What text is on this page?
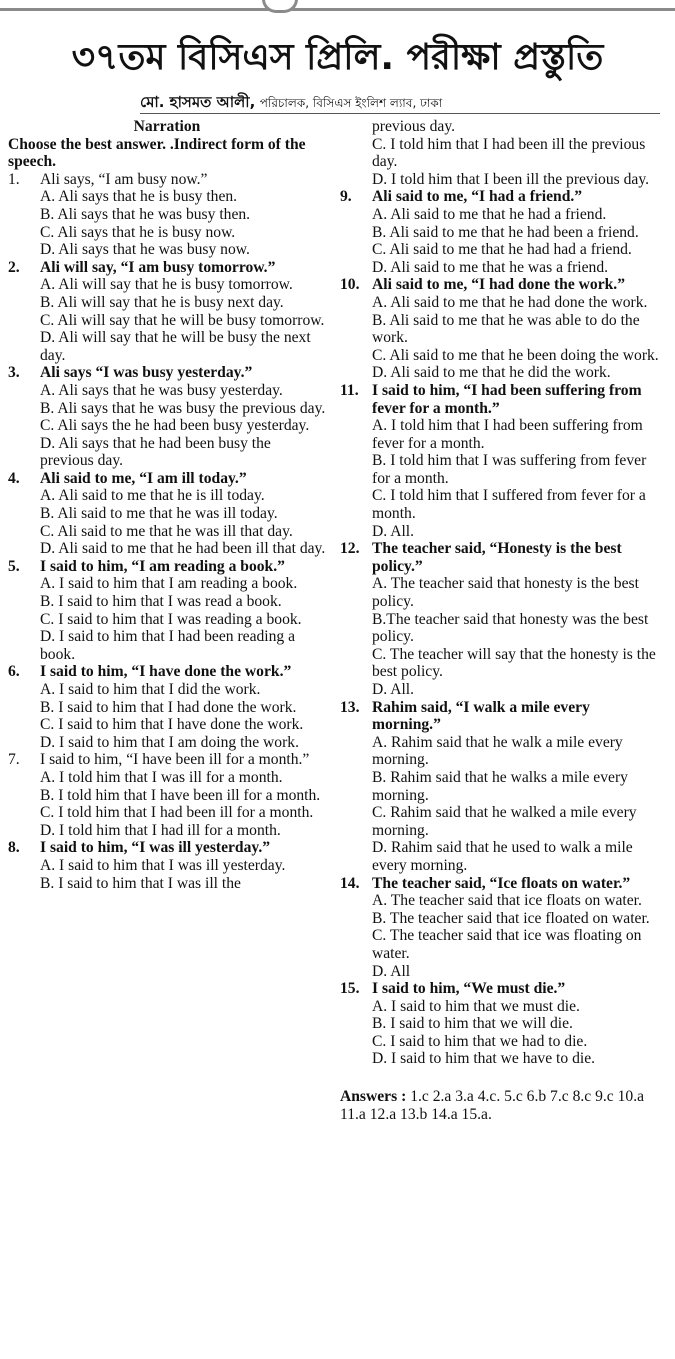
৩৭তম বিসিএস প্রিলি. পরীক্ষা প্রস্তুতি
মো. হাসমত আলী, পরিচালক, বিসিএস ইংলিশ ল্যাব, ঢাকা
Narration
Choose the best answer. .Indirect form of the speech.
1. Ali says, “I am busy now.”
A. Ali says that he is busy then.
B. Ali says that he was busy then.
C. Ali says that he is busy now.
D. Ali says that he was busy now.
2. Ali will say, “I am busy tomorrow.”
A. Ali will say that he is busy tomorrow.
B. Ali will say that he is busy next day.
C. Ali will say that he will be busy tomorrow.
D. Ali will say that he will be busy the next day.
3. Ali says “I was busy yesterday.”
A. Ali says that he was busy yesterday.
B. Ali says that he was busy the previous day.
C. Ali says the he had been busy yesterday.
D. Ali says that he had been busy the previous day.
4. Ali said to me, “I am ill today.”
A. Ali said to me that he is ill today.
B. Ali said to me that he was ill today.
C. Ali said to me that he was ill that day.
D. Ali said to me that he had been ill that day.
5. I said to him, “I am reading a book.”
A. I said to him that I am reading a book.
B. I said to him that I was read a book.
C. I said to him that I was reading a book.
D. I said to him that I had been reading a book.
6. I said to him, “I have done the work.”
A. I said to him that I did the work.
B. I said to him that I had done the work.
C. I said to him that I have done the work.
D. I said to him that I am doing the work.
7. I said to him, “I have been ill for a month.”
A. I told him that I was ill for a month.
B. I told him that I have been ill for a month.
C. I told him that I had been ill for a month.
D. I told him that I had ill for a month.
8. I said to him, “I was ill yesterday.”
A. I said to him that I was ill yesterday.
B. I said to him that I was ill the
previous day.
C. I told him that I had been ill the previous day.
D. I told him that I been ill the previous day.
9. Ali said to me, “I had a friend.”
A. Ali said to me that he had a friend.
B. Ali said to me that he had been a friend.
C. Ali said to me that he had had a friend.
D. Ali said to me that he was a friend.
10. Ali said to me, “I had done the work.”
A. Ali said to me that he had done the work.
B. Ali said to me that he was able to do the work.
C. Ali said to me that he been doing the work.
D. Ali said to me that he did the work.
11. I said to him, “I had been suffering from fever for a month.”
A. I told him that I had been suffering from fever for a month.
B. I told him that I was suffering from fever for a month.
C. I told him that I suffered from fever for a month.
D. All.
12. The teacher said, “Honesty is the best policy.”
A. The teacher said that honesty is the best policy.
B.The teacher said that honesty was the best policy.
C. The teacher will say that the honesty is the best policy.
D. All.
13. Rahim said, “I walk a mile every morning.”
A. Rahim said that he walk a mile every morning.
B. Rahim said that he walks a mile every morning.
C. Rahim said that he walked a mile every morning.
D. Rahim said that he used to walk a mile every morning.
14. The teacher said, “Ice floats on water.”
A. The teacher said that ice floats on water.
B. The teacher said that ice floated on water.
C. The teacher said that ice was floating on water.
D. All
15. I said to him, “We must die.”
A. I said to him that we must die.
B. I said to him that we will die.
C. I said to him that we had to die.
D. I said to him that we have to die.
Answers : 1.c 2.a 3.a 4.c. 5.c 6.b 7.c 8.c 9.c 10.a 11.a 12.a 13.b 14.a 15.a.
